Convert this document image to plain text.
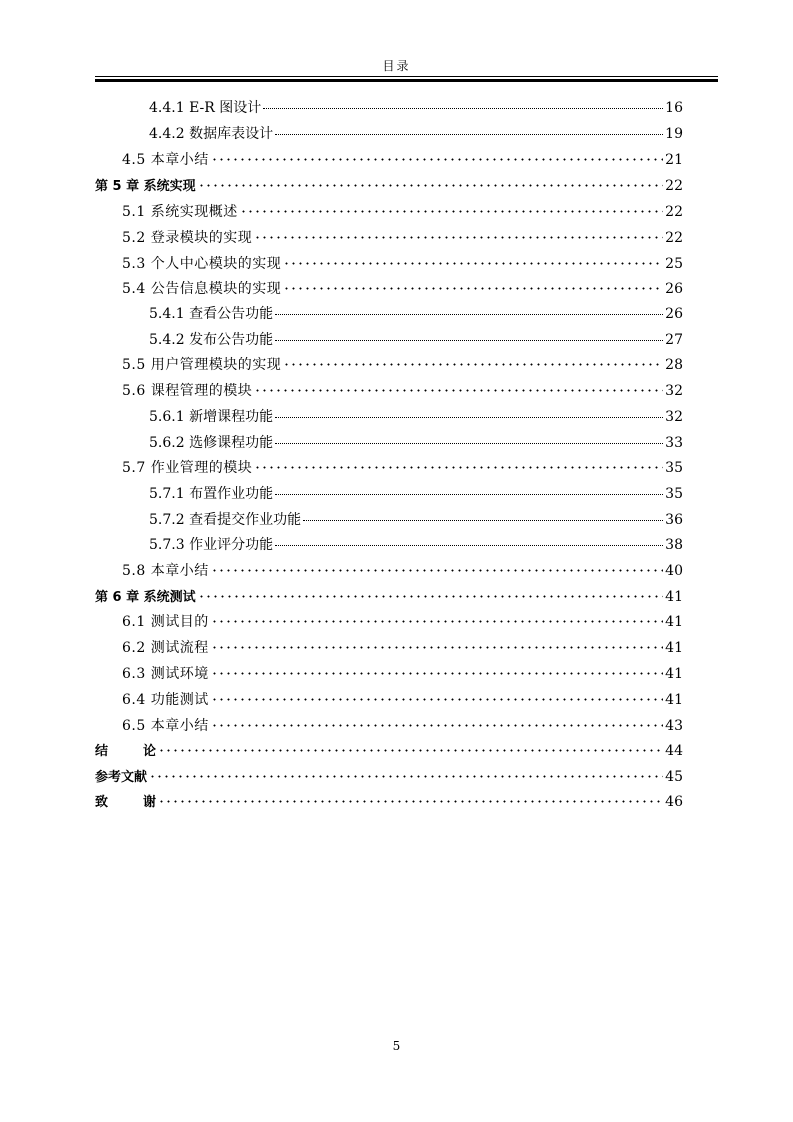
目录
4.4.1 E-R 图设计	16
4.4.2 数据库表设计	19
4.5 本章小结	21
第 5 章 系统实现	22
5.1 系统实现概述	22
5.2 登录模块的实现	22
5.3 个人中心模块的实现	25
5.4 公告信息模块的实现	26
5.4.1 查看公告功能	26
5.4.2 发布公告功能	27
5.5 用户管理模块的实现	28
5.6 课程管理的模块	32
5.6.1 新增课程功能	32
5.6.2 选修课程功能	33
5.7 作业管理的模块	35
5.7.1 布置作业功能	35
5.7.2 查看提交作业功能	36
5.7.3 作业评分功能	38
5.8 本章小结	40
第 6 章 系统测试	41
6.1 测试目的	41
6.2 测试流程	41
6.3 测试环境	41
6.4 功能测试	41
6.5 本章小结	43
结	论	44
参考文献	45
致	谢	46
5
